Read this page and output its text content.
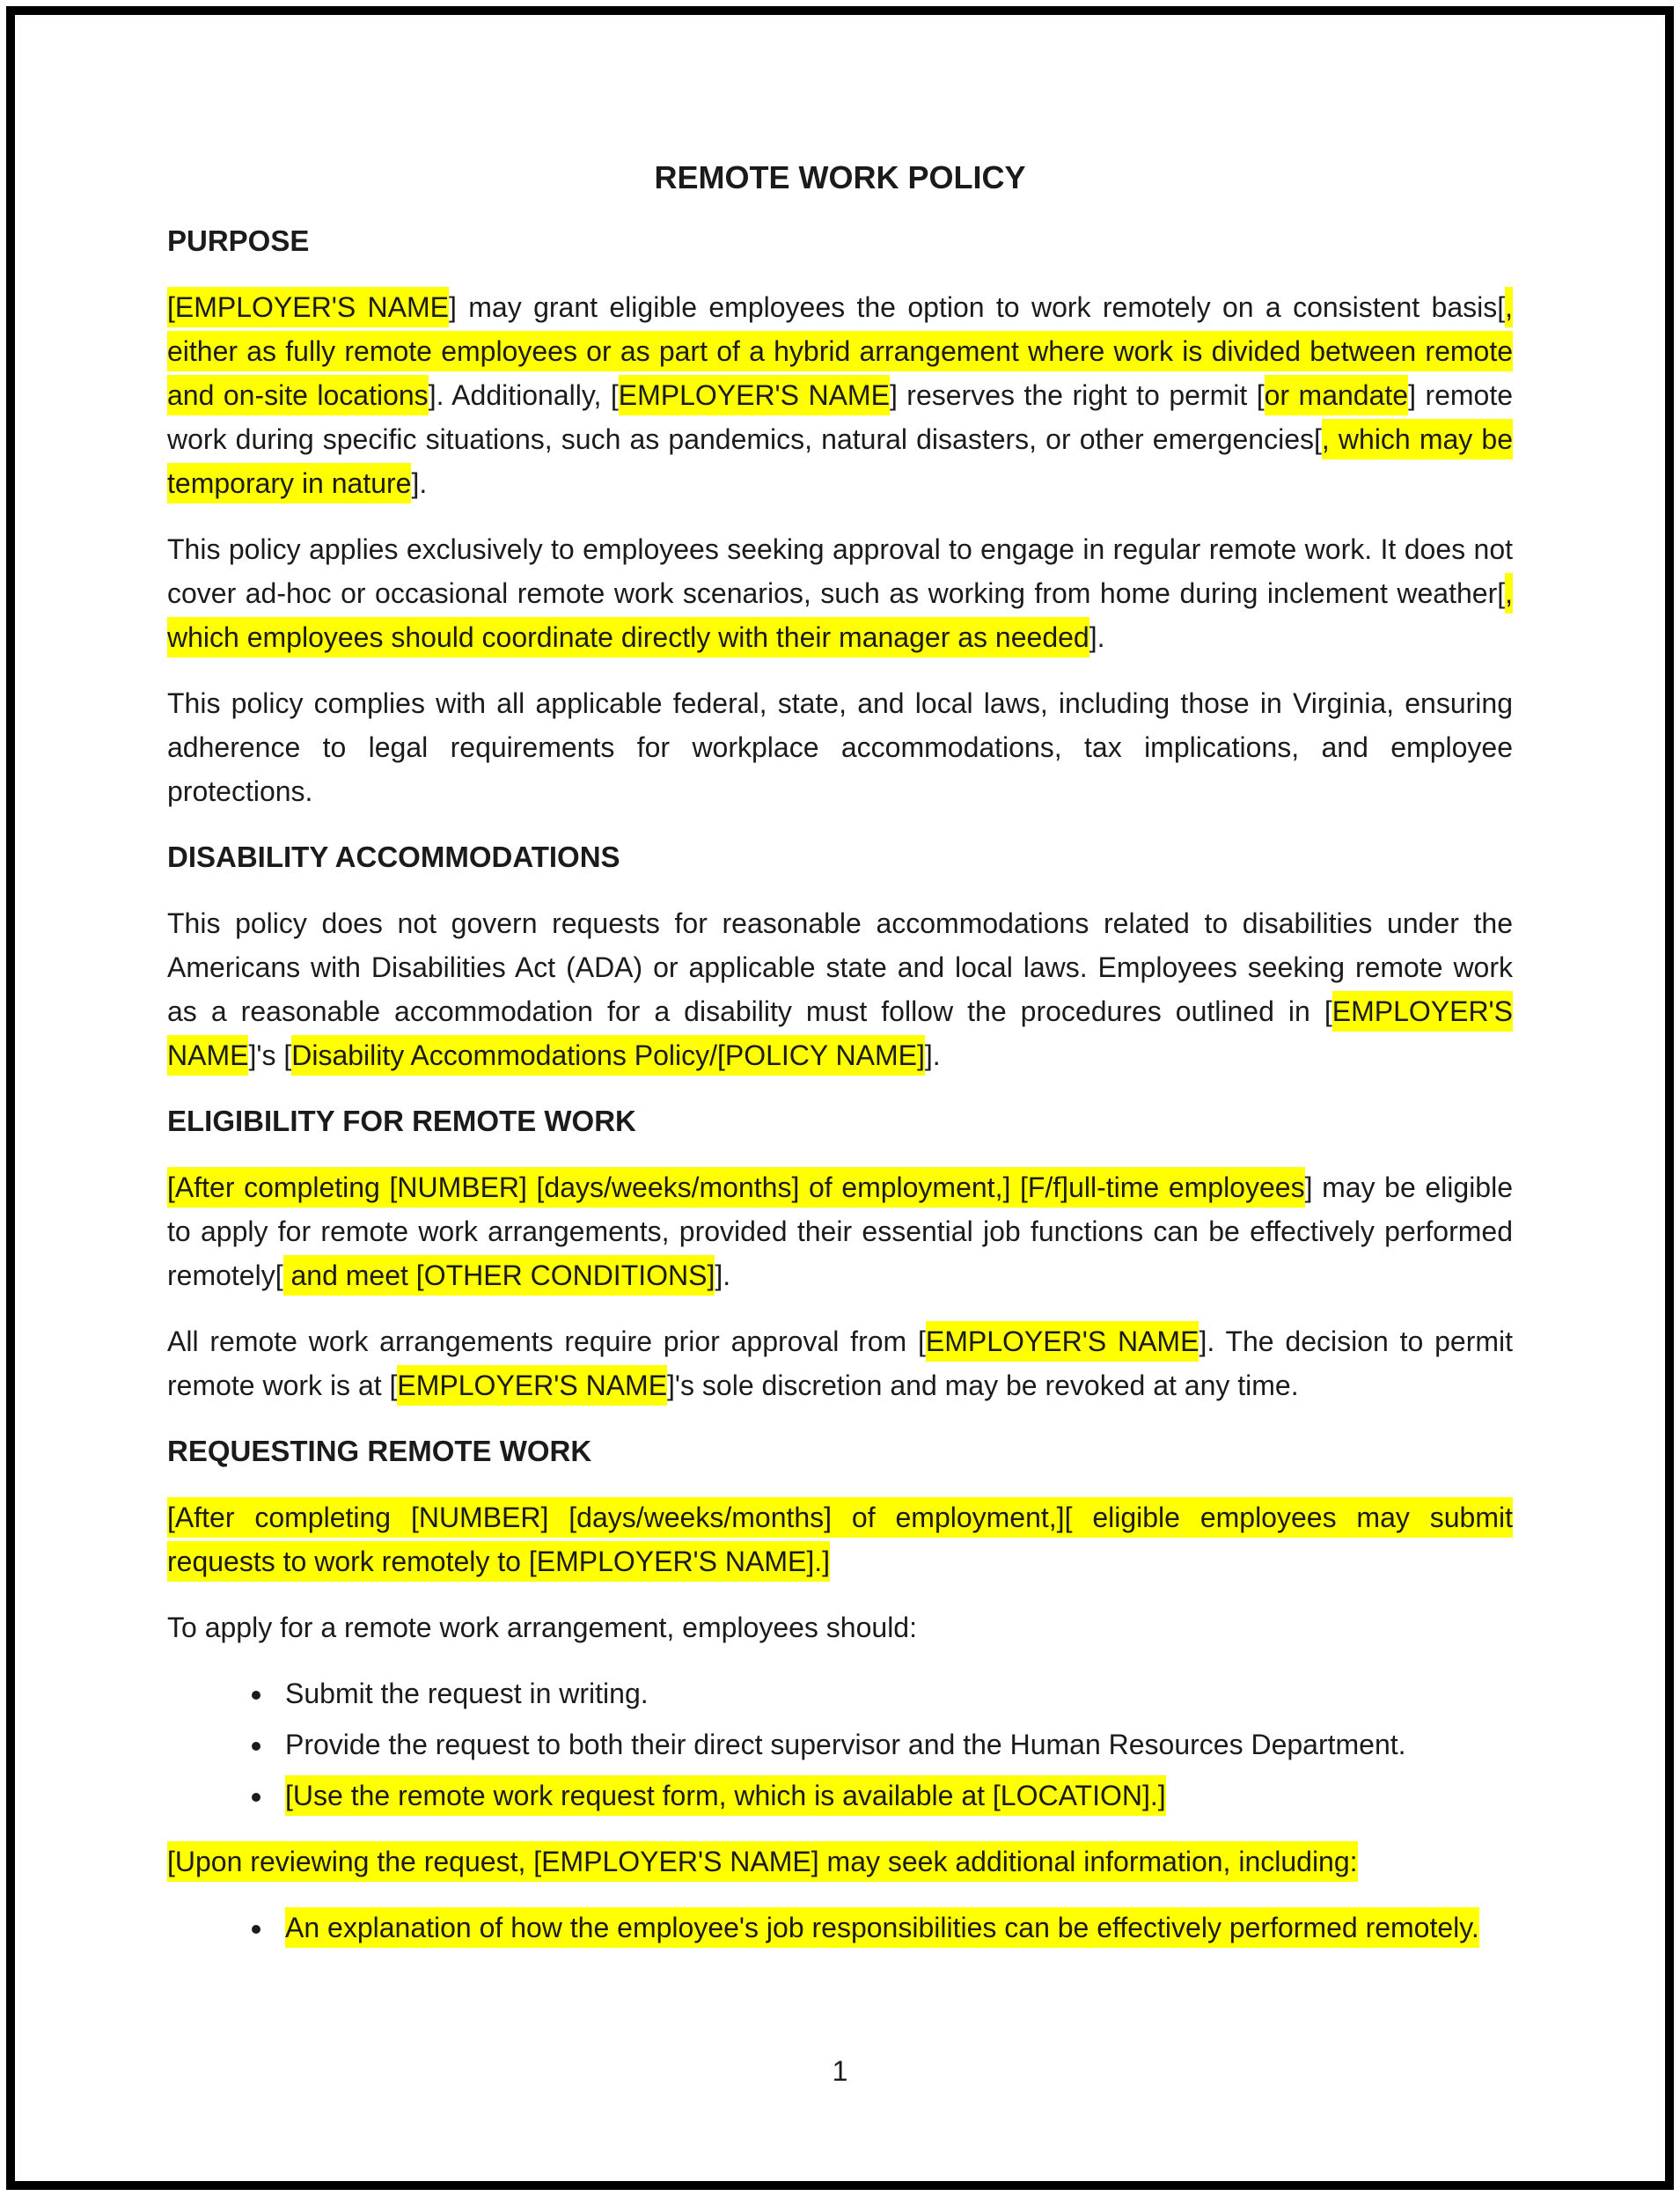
REMOTE WORK POLICY
PURPOSE

[EMPLOYER'S NAME] may grant eligible employees the option to work remotely on a consistent basis[, either as fully remote employees or as part of a hybrid arrangement where work is divided between remote and on-site locations]. Additionally, [EMPLOYER'S NAME] reserves the right to permit [or mandate] remote work during specific situations, such as pandemics, natural disasters, or other emergencies[, which may be temporary in nature].

This policy applies exclusively to employees seeking approval to engage in regular remote work. It does not cover ad-hoc or occasional remote work scenarios, such as working from home during inclement weather[, which employees should coordinate directly with their manager as needed].

This policy complies with all applicable federal, state, and local laws, including those in Virginia, ensuring adherence to legal requirements for workplace accommodations, tax implications, and employee protections.

DISABILITY ACCOMMODATIONS

This policy does not govern requests for reasonable accommodations related to disabilities under the Americans with Disabilities Act (ADA) or applicable state and local laws. Employees seeking remote work as a reasonable accommodation for a disability must follow the procedures outlined in [EMPLOYER'S NAME]'s [Disability Accommodations Policy/[POLICY NAME]].

ELIGIBILITY FOR REMOTE WORK

[After completing [NUMBER] [days/weeks/months] of employment,] [F/f]ull-time employees] may be eligible to apply for remote work arrangements, provided their essential job functions can be effectively performed remotely[ and meet [OTHER CONDITIONS]].

All remote work arrangements require prior approval from [EMPLOYER'S NAME]. The decision to permit remote work is at [EMPLOYER'S NAME]'s sole discretion and may be revoked at any time.

REQUESTING REMOTE WORK

[After completing [NUMBER] [days/weeks/months] of employment,][ eligible employees may submit requests to work remotely to [EMPLOYER'S NAME].]

To apply for a remote work arrangement, employees should:

• Submit the request in writing.
• Provide the request to both their direct supervisor and the Human Resources Department.
• [Use the remote work request form, which is available at [LOCATION].]

[Upon reviewing the request, [EMPLOYER'S NAME] may seek additional information, including:

• An explanation of how the employee's job responsibilities can be effectively performed remotely.
1
